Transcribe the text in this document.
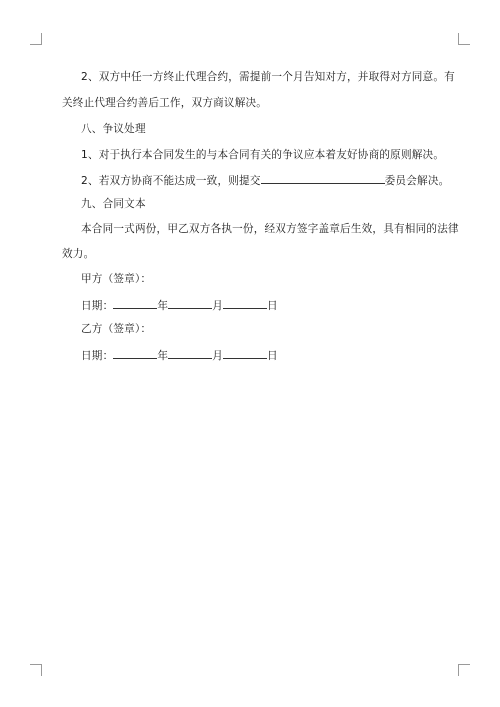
2、双方中任一方终止代理合约，需提前一个月告知对方，并取得对方同意。有
关终止代理合约善后工作，双方商议解决。
八、争议处理
1、对于执行本合同发生的与本合同有关的争议应本着友好协商的原则解决。
2、若双方协商不能达成一致，则提交	委员会解决。
九、合同文本
本合同一式两份，甲乙双方各执一份，经双方签字盖章后生效，具有相同的法律
效力。
甲方（签章）：
日期：	年	月	日
乙方（签章）：
日期：	年	月	日
